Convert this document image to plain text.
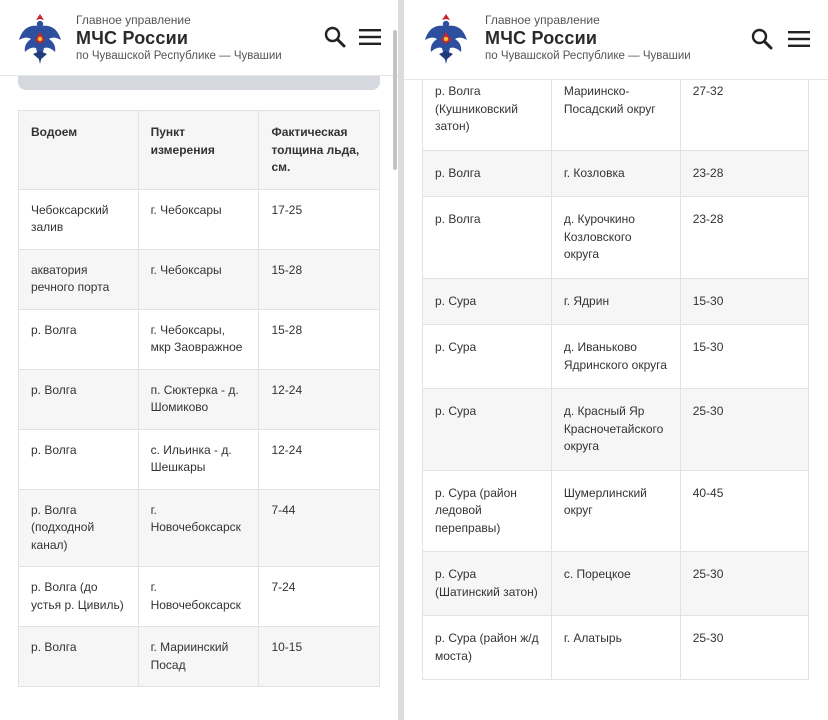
Главное управление
МЧС России
по Чувашской Республике — Чувашии
Водоем	Пункт измерения	Фактическая толщина льда, см.
Чебоксарский залив	г. Чебоксары	17-25
акватория речного порта	г. Чебоксары	15-28
р. Волга	г. Чебоксары, мкр Заовражное	15-28
р. Волга	п. Сюктерка - д. Шомиково	12-24
р. Волга	с. Ильинка - д. Шешкары	12-24
р. Волга (подходной канал)	г. Новочебоксарск	7-44
р. Волга (до устья р. Цивиль)	г. Новочебоксарск	7-24
р. Волга	г. Мариинский Посад	10-15
Главное управление
МЧС России
по Чувашской Республике — Чувашии
р. Волга (Кушниковский затон)	Мариинско-Посадский округ	27-32
р. Волга	г. Козловка	23-28
р. Волга	д. Курочкино Козловского округа	23-28
р. Сура	г. Ядрин	15-30
р. Сура	д. Иваньково Ядринского округа	15-30
р. Сура	д. Красный Яр Красночетайского округа	25-30
р. Сура (район ледовой переправы)	Шумерлинский округ	40-45
р. Сура (Шатинский затон)	с. Порецкое	25-30
р. Сура (район ж/д моста)	г. Алатырь	25-30
